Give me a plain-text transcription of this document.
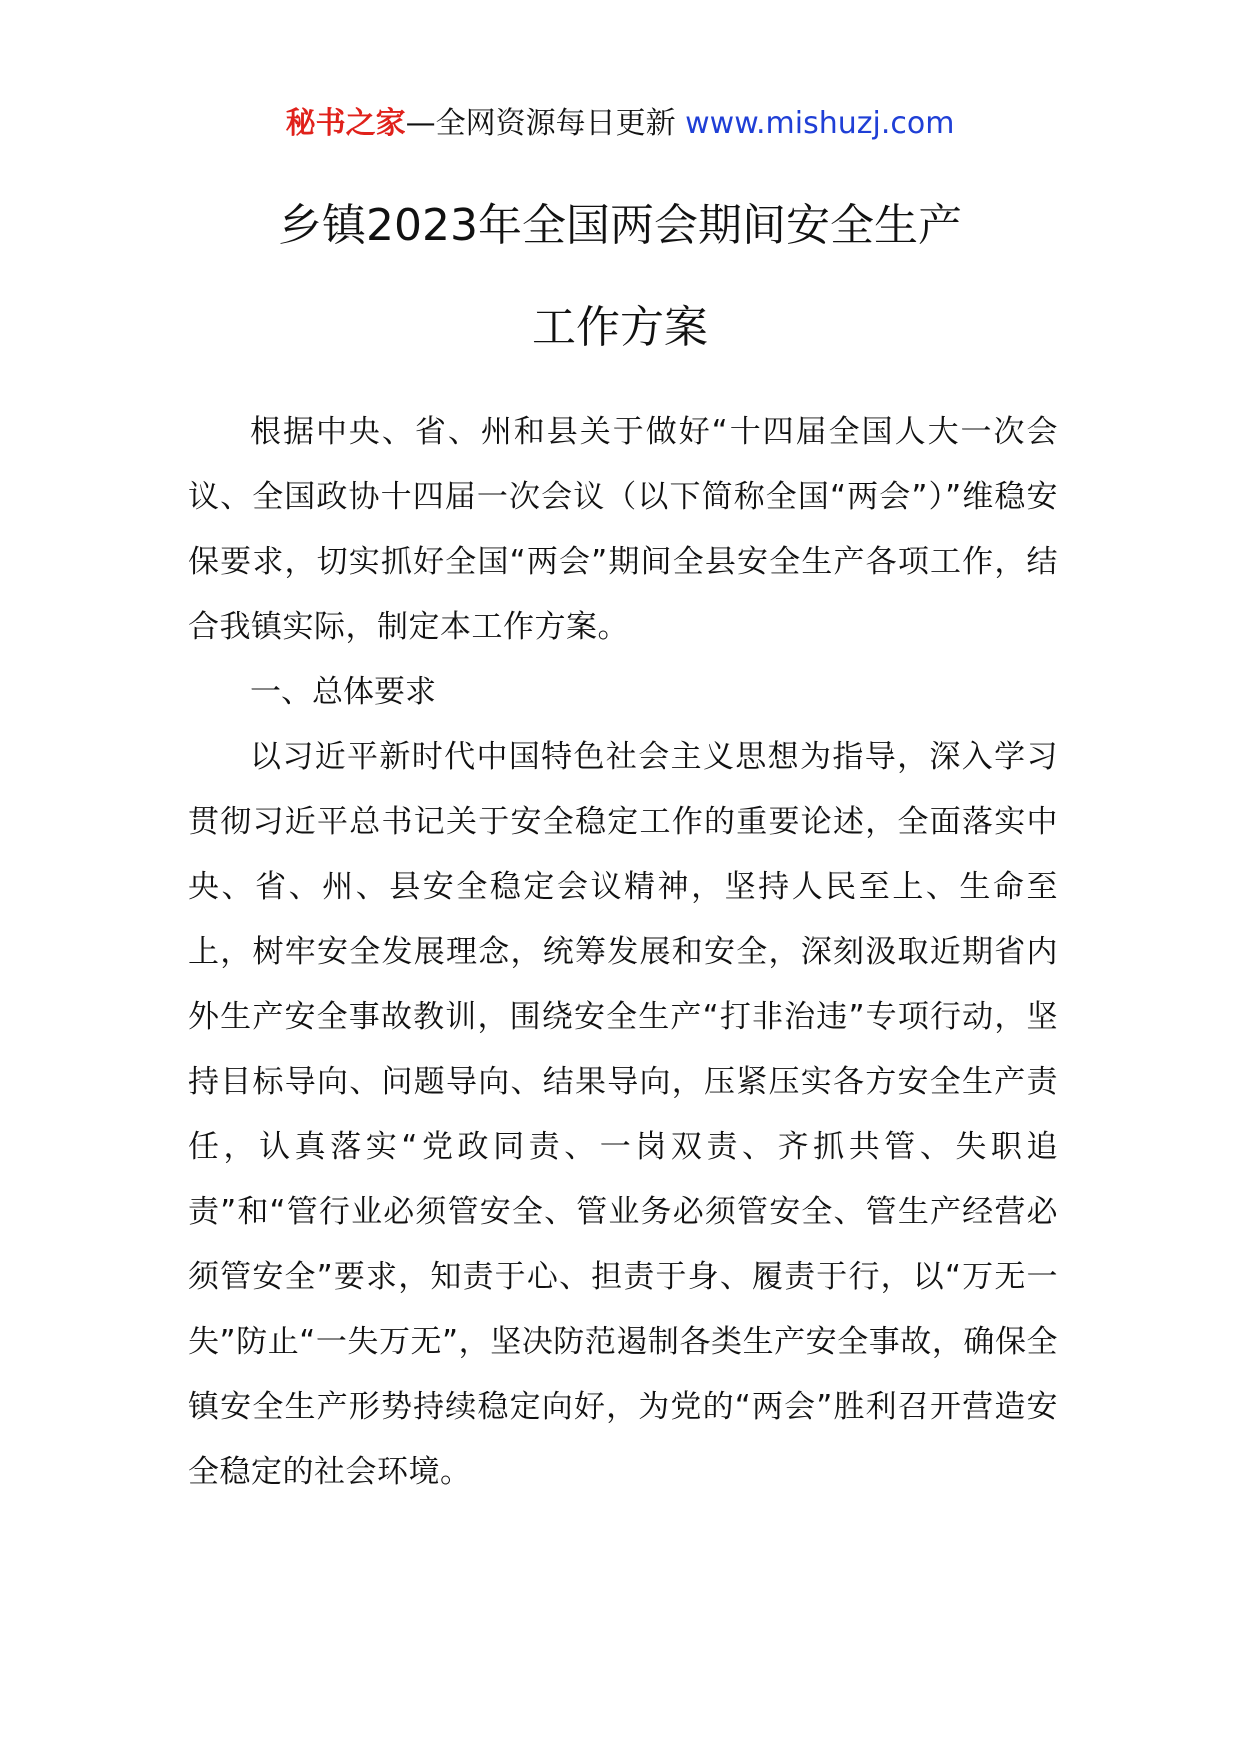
秘书之家—全网资源每日更新 www.mishuzj.com
乡镇2023年全国两会期间安全生产
工作方案

根据中央、省、州和县关于做好“十四届全国人大一次会议、全国政协十四届一次会议（以下简称全国“两会”）”维稳安保要求，切实抓好全国“两会”期间全县安全生产各项工作，结合我镇实际，制定本工作方案。

一、总体要求

以习近平新时代中国特色社会主义思想为指导，深入学习贯彻习近平总书记关于安全稳定工作的重要论述，全面落实中央、省、州、县安全稳定会议精神，坚持人民至上、生命至上，树牢安全发展理念，统筹发展和安全，深刻汲取近期省内外生产安全事故教训，围绕安全生产“打非治违”专项行动，坚持目标导向、问题导向、结果导向，压紧压实各方安全生产责任，认真落实“党政同责、一岗双责、齐抓共管、失职追责”和“管行业必须管安全、管业务必须管安全、管生产经营必须管安全”要求，知责于心、担责于身、履责于行，以“万无一失”防止“一失万无”，坚决防范遏制各类生产安全事故，确保全镇安全生产形势持续稳定向好，为党的“两会”胜利召开营造安全稳定的社会环境。
